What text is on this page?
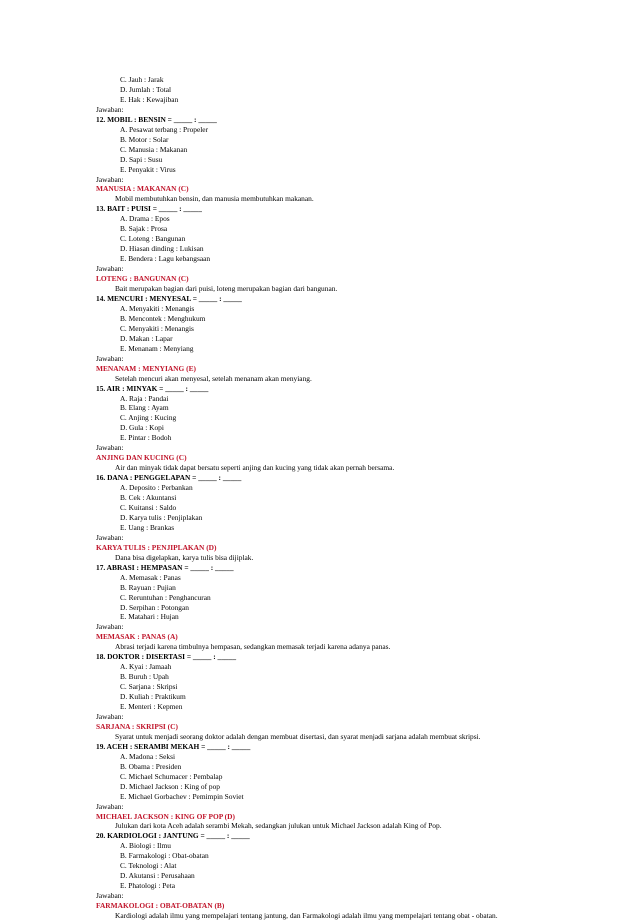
C. Jauh : Jarak
D. Jumlah : Total
E. Hak : Kewajiban
Jawaban:
12. MOBIL : BENSIN = _____ : _____
A. Pesawat terbang : Propeler
B. Motor : Solar
C. Manusia : Makanan
D. Sapi : Susu
E. Penyakit : Virus
Jawaban:
MANUSIA : MAKANAN (C)
Mobil membutuhkan bensin, dan manusia membutuhkan makanan.
13. BAIT : PUISI = _____ : _____
A. Drama : Epos
B. Sajak : Prosa
C. Loteng : Bangunan
D. Hiasan dinding : Lukisan
E. Bendera : Lagu kebangsaan
Jawaban:
LOTENG : BANGUNAN (C)
Bait merupakan bagian dari puisi, loteng merupakan bagian dari bangunan.
14. MENCURI : MENYESAL = _____ : _____
A. Menyakiti : Menangis
B. Mencontek : Menghukum
C. Menyakiti : Menangis
D. Makan : Lapar
E. Menanam : Menyiang
Jawaban:
MENANAM : MENYIANG (E)
Setelah mencuri akan menyesal, setelah menanam akan menyiang.
15. AIR : MINYAK = _____ : _____
A. Raja : Pandai
B. Elang : Ayam
C. Anjing : Kucing
D. Gula : Kopi
E. Pintar : Bodoh
Jawaban:
ANJING DAN KUCING (C)
Air dan minyak tidak dapat bersatu seperti anjing dan kucing yang tidak akan pernah bersama.
16. DANA : PENGGELAPAN = _____ : _____
A. Deposito : Perbankan
B. Cek : Akuntansi
C. Kuitansi : Saldo
D. Karya tulis : Penjiplakan
E. Uang : Brankas
Jawaban:
KARYA TULIS : PENJIPLAKAN (D)
Dana bisa digelapkan, karya tulis bisa dijiplak.
17. ABRASI : HEMPASAN = _____ : _____
A. Memasak : Panas
B. Rayuan : Pujian
C. Reruntuhan : Penghancuran
D. Serpihan : Potongan
E. Matahari : Hujan
Jawaban:
MEMASAK : PANAS (A)
Abrasi terjadi karena timbulnya hempasan, sedangkan memasak terjadi karena adanya panas.
18. DOKTOR : DISERTASI = _____ : _____
A. Kyai : Jamaah
B. Buruh : Upah
C. Sarjana : Skripsi
D. Kuliah : Praktikum
E. Menteri : Kepmen
Jawaban:
SARJANA : SKRIPSI (C)
Syarat untuk menjadi seorang doktor adalah dengan membuat disertasi, dan syarat menjadi sarjana adalah membuat skripsi.
19. ACEH : SERAMBI MEKAH = _____ : _____
A. Madona : Seksi
B. Obama : Presiden
C. Michael Schumacer : Pembalap
D. Michael Jackson : King of pop
E. Michael Gorbachev : Pemimpin Soviet
Jawaban:
MICHAEL JACKSON : KING OF POP (D)
Julukan dari kota Aceh adalah serambi Mekah, sedangkan julukan untuk Michael Jackson adalah King of Pop.
20. KARDIOLOGI : JANTUNG = _____ : _____
A. Biologi : Ilmu
B. Farmakologi : Obat-obatan
C. Teknologi : Alat
D. Akutansi : Perusahaan
E. Phatologi : Peta
Jawaban:
FARMAKOLOGI : OBAT-OBATAN (B)
Kardiologi adalah ilmu yang mempelajari tentang jantung, dan Farmakologi adalah ilmu yang mempelajari tentang obat - obatan.
